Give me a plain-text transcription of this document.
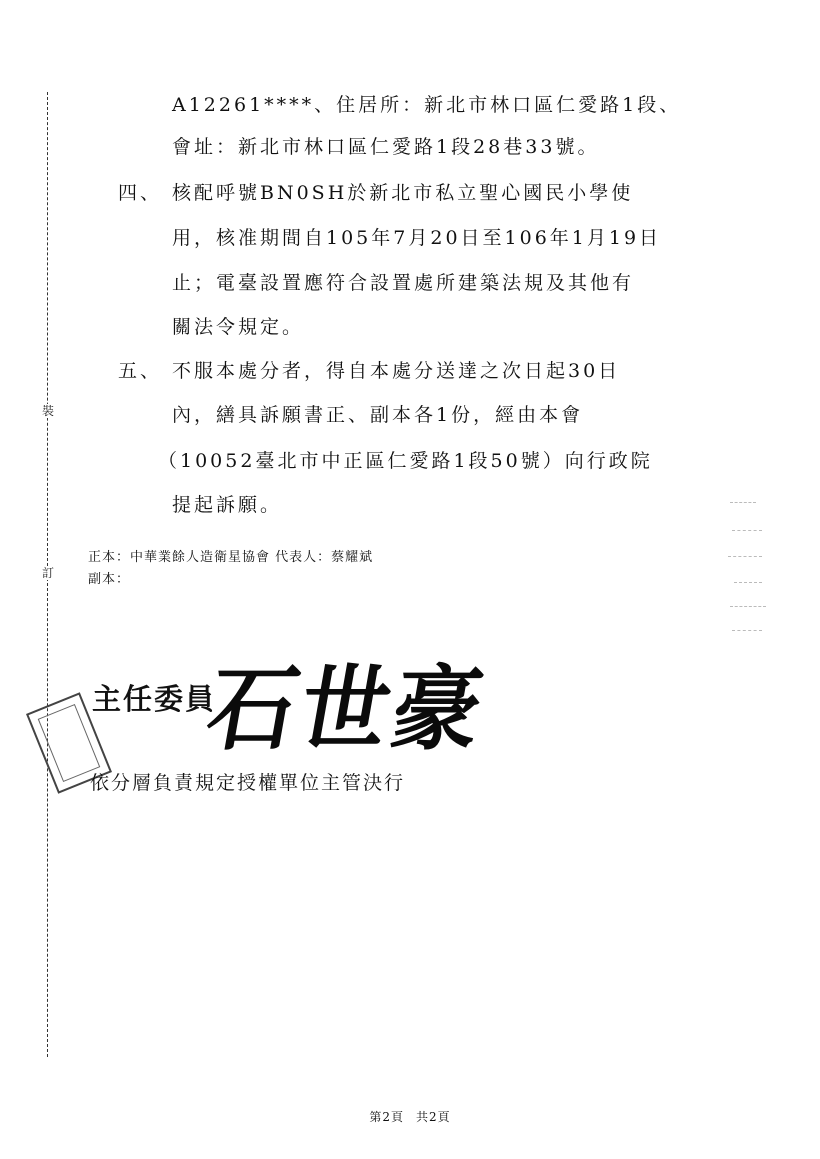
裝
訂
A12261****、住居所：新北市林口區仁愛路1段、
會址：新北市林口區仁愛路1段28巷33號。
四、 核配呼號BN0SH於新北市私立聖心國民小學使
用，核准期間自105年7月20日至106年1月19日
止；電臺設置應符合設置處所建築法規及其他有
關法令規定。
五、 不服本處分者，得自本處分送達之次日起30日
內，繕具訴願書正、副本各1份，經由本會
（10052臺北市中正區仁愛路1段50號）向行政院
提起訴願。
正本：中華業餘人造衛星協會 代表人：蔡耀斌
副本：
主任委員
石世豪
依分層負責規定授權單位主管決行
第2頁 共2頁
